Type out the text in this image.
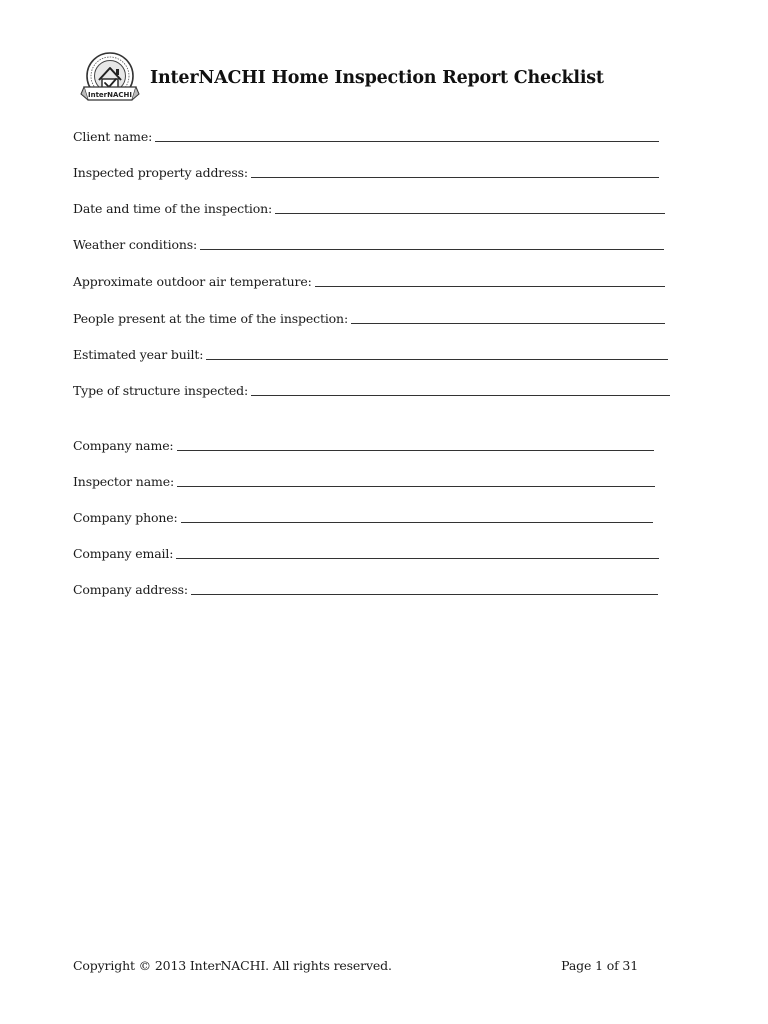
InterNACHI
InterNACHI Home Inspection Report Checklist
Client name:
Inspected property address:
Date and time of the inspection:
Weather conditions:
Approximate outdoor air temperature:
People present at the time of the inspection:
Estimated year built:
Type of structure inspected:
Company name:
Inspector name:
Company phone:
Company email:
Company address:
Copyright © 2013 InterNACHI. All rights reserved.	Page 1 of 31
